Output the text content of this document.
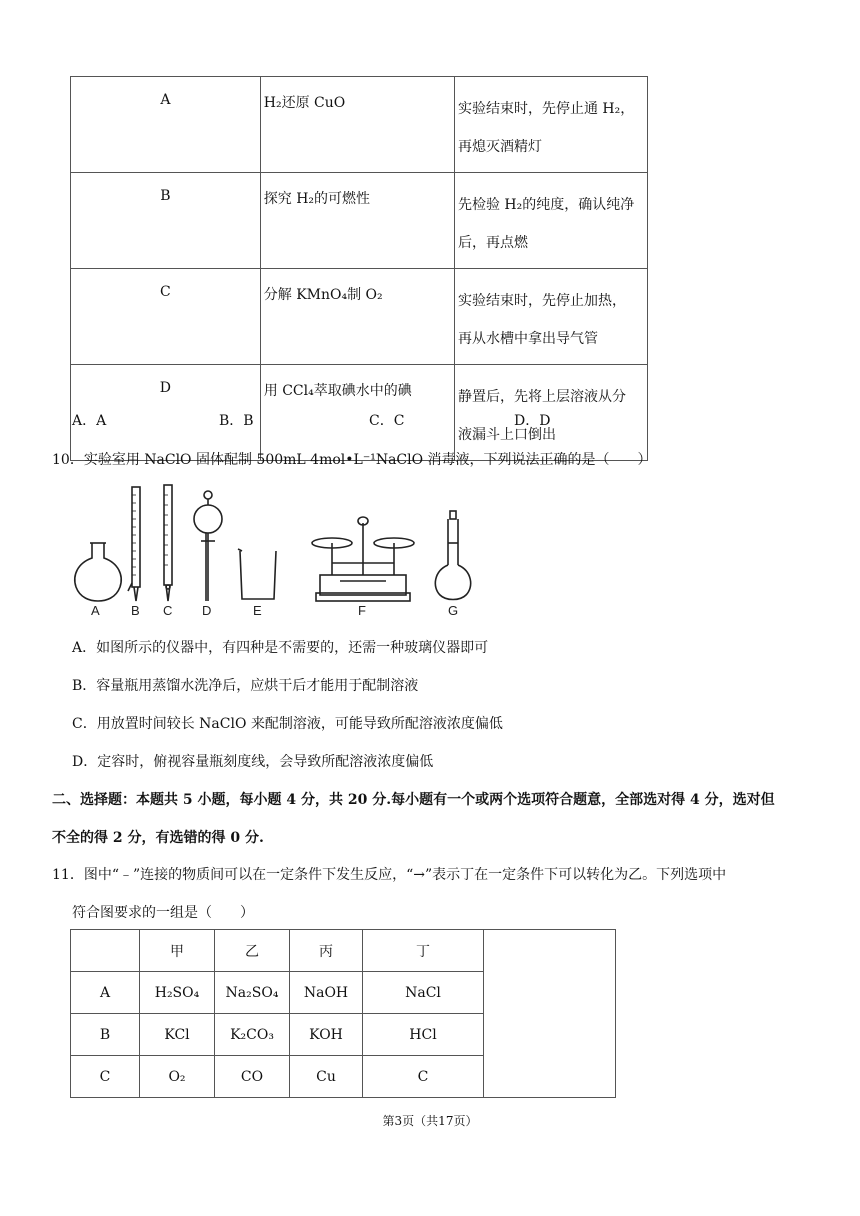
A	H₂还原 CuO	实验结束时，先停止通 H₂，
再熄灭酒精灯

B	探究 H₂的可燃性	先检验 H₂的纯度，确认纯净
后，再点燃

C	分解 KMnO₄制 O₂	实验结束时，先停止加热，
再从水槽中拿出导气管

D	用 CCl₄萃取碘水中的碘	静置后，先将上层溶液从分
液漏斗上口倒出
A．A	B．B	C．C	D．D
10．实验室用 NaClO 固体配制 500mL 4mol•L⁻¹NaClO 消毒液，下列说法正确的是（　　）
A B C D	E	F	G
A．如图所示的仪器中，有四种是不需要的，还需一种玻璃仪器即可
B．容量瓶用蒸馏水洗净后，应烘干后才能用于配制溶液
C．用放置时间较长 NaClO 来配制溶液，可能导致所配溶液浓度偏低
D．定容时，俯视容量瓶刻度线，会导致所配溶液浓度偏低
二、选择题：本题共 5 小题，每小题 4 分，共 20 分.每小题有一个或两个选项符合题意，全部选对得 4 分，选对但
不全的得 2 分，有选错的得 0 分.
11．图中“﹣”连接的物质间可以在一定条件下发生反应，“→”表示丁在一定条件下可以转化为乙。下列选项中
符合图要求的一组是（　　）
	甲	乙	丙	丁	
A	H₂SO₄	Na₂SO₄	NaOH	NaCl	
B	KCl	K₂CO₃	KOH	HCl	
C	O₂	CO	Cu	C	
第3页（共17页）
